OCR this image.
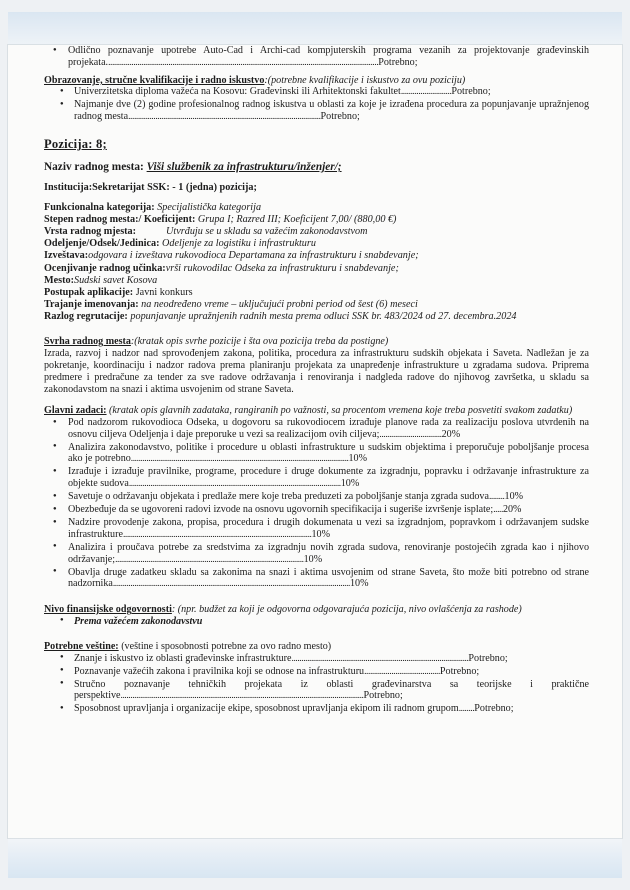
● Odlično poznavanje upotrebe Auto-Cad i Archi-cad kompjuterskih programa vezanih za projektovanje građevinskih projekata............................................................................................................................................Potrebno;
Obrazovanje, stručne kvalifikacije i radno iskustvo:(potrebne kvalifikacije i iskustvo za ovu poziciju)
● Univerzitetska diploma važeća na Kosovu: Građevinski ili Arhitektonski fakultet..........................Potrebno;
● Najmanje dve (2) godine profesionalnog radnog iskustva u oblasti za koje je izrađena procedura za popunjavanje upražnjenog radnog mesta...................................................................................................Potrebno;
Pozicija: 8;
Naziv radnog mesta: Viši službenik za infrastrukturu/inženjer/;
Institucija:Sekretarijat SSK: - 1 (jedna) pozicija;
Funkcionalna kategorija: Specijalistička kategorija
Stepen radnog mesta:/ Koeficijent: Grupa I; Razred III; Koeficijent 7,00/ (880,00 €)
Vrsta radnog mjesta:	Utvrđuju se u skladu sa važećim zakonodavstvom
Odeljenje/Odsek/Jedinica: Odeljenje za logistiku i infrastrukturu
Izveštava:odgovara i izveštava rukovodioca Departamana za infrastrukturu i snabdevanje;
Ocenjivanje radnog učinka:vrši rukovodilac Odseka za infrastrukturu i snabdevanje;
Mesto:Sudski savet Kosova
Postupak aplikacije: Javni konkurs
Trajanje imenovanja: na neodređeno vreme – uključujući probni period od šest (6) meseci
Razlog regrutacije: popunjavanje upražnjenih radnih mesta prema odluci SSK br. 483/2024 od 27. decembra.2024
Svrha radnog mesta:(kratak opis svrhe pozicije i šta ova pozicija treba da postigne)
Izrada, razvoj i nadzor nad sprovođenjem zakona, politika, procedura za infrastrukturu sudskih objekata i Saveta. Nadležan je za pokretanje, koordinaciju i nadzor radova prema planiranju projekata za unapređenje infrastrukture u zgradama sudova. Priprema predmere i predračune za tender za sve radove održavanja i renoviranja i nadgleda radove do njihovog završetka, u skladu sa zakonodavstom na snazi i aktima usvojenim od strane Saveta.
Glavni zadaci: (kratak opis glavnih zadataka, rangiranih po važnosti, sa procentom vremena koje treba posvetiti svakom zadatku)
● Pod nadzorom rukovodioca Odseka, u dogovoru sa rukovodiocem izrađuje planove rada za realizaciju poslova utvrdenih na osnovu ciljeva Odeljenja i daje preporuke u vezi sa realizacijom ovih ciljeva;................................20%
● Analizira zakonodavstvo, politike i procedure u oblasti infrastrukture u sudskim objektima i preporučuje poboljšanje procesa ako je potrebno................................................................................................................10%
● Izrađuje i izrađuje pravilnike, programe, procedure i druge dokumente za izgradnju, popravku i održavanje infrastrukture za objekte sudova.............................................................................................................10%
● Savetuje o održavanju objekata i predlaže mere koje treba preduzeti za poboljšanje stanja zgrada sudova........10%
● Obezbeđuje da se ugovoreni radovi izvode na osnovu ugovornih specifikacija i sugeriše izvršenje isplate;.....20%
● Nadzire provodenje zakona, propisa, procedura i drugih dokumenata u vezi sa izgradnjom, popravkom i održavanjem sudske infrastrukture.................................................................................................10%
● Analizira i proučava potrebe za sredstvima za izgradnju novih zgrada sudova, renoviranje postojećih zgrada kao i njihovo održavanje;.................................................................................................10%
● Obavlja druge zadatkeu skladu sa zakonima na snazi i aktima usvojenim od strane Saveta, što može biti potrebno od strane nadzornika..........................................................................................................................10%
Nivo finansijske odgovornosti: (npr. budžet za koji je odgovorna odgovarajuća pozicija, nivo ovlašćenja za rashode)
● Prema važećem zakonodavstvu
Potrebne veštine: (veštine i sposobnosti potrebne za ovo radno mesto)
● Znanje i iskustvo iz oblasti građevinske infrastrukture...........................................................................................Potrebno;
● Poznavanje važećih zakona i pravilnika koji se odnose na infrastrukturu.......................................Potrebno;
● Stručno poznavanje tehničkih projekata iz oblasti građevinarstva sa teorijske i praktične perspektive.............................................................................................................................Potrebno;
● Sposobnost upravljanja i organizacije ekipe, sposobnost upravljanja ekipom ili radnom grupom........Potrebno;
